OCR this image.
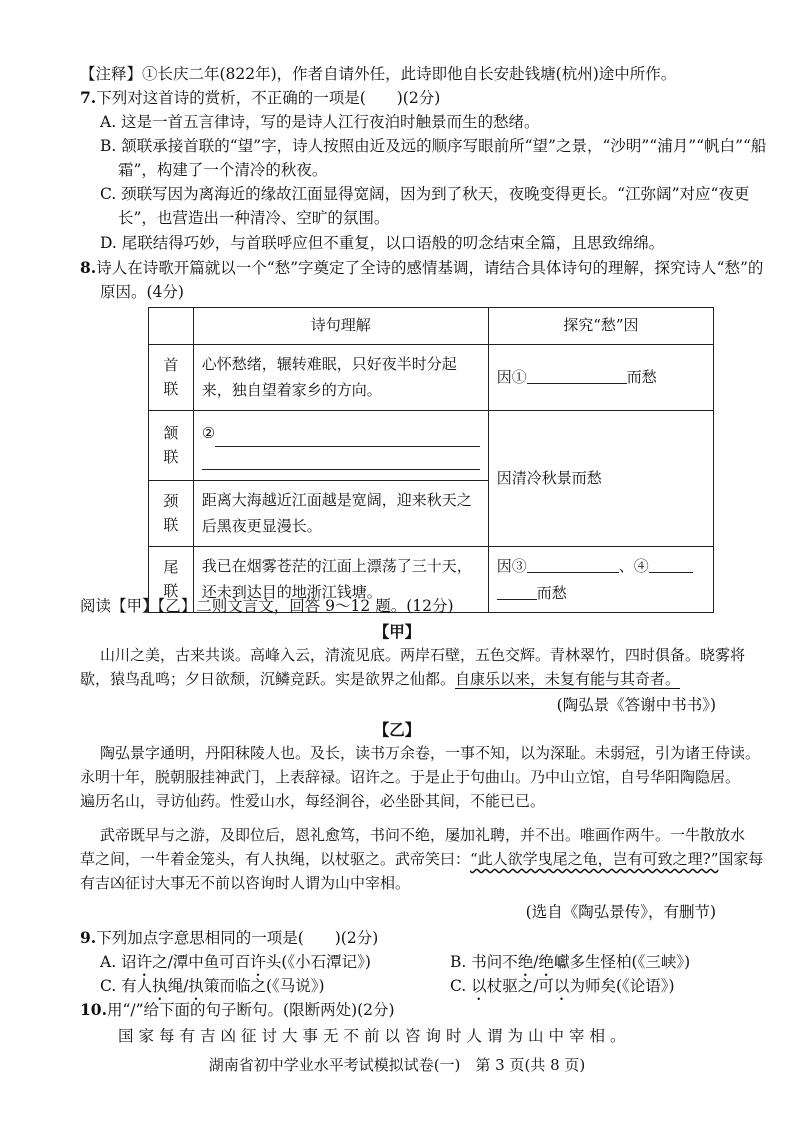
【注释】①长庆二年(822年)，作者自请外任，此诗即他自长安赴钱塘(杭州)途中所作。
7.下列对这首诗的赏析，不正确的一项是(　　)(2分)
A. 这是一首五言律诗，写的是诗人江行夜泊时触景而生的愁绪。
B. 颔联承接首联的“望”字，诗人按照由近及远的顺序写眼前所“望”之景，“沙明”“浦月”“帆白”“船
霜”，构建了一个清冷的秋夜。
C. 颈联写因为离海近的缘故江面显得宽阔，因为到了秋天，夜晚变得更长。“江弥阔”对应“夜更
长”，也营造出一种清冷、空旷的氛围。
D. 尾联结得巧妙，与首联呼应但不重复，以口语般的叨念结束全篇，且思致绵绵。
8.诗人在诗歌开篇就以一个“愁”字奠定了全诗的感情基调，请结合具体诗句的理解，探究诗人“愁”的
原因。(4分)
	诗句理解	探究“愁”因
首联	心怀愁绪，辗转难眠，只好夜半时分起来，独自望着家乡的方向。	因① 而愁
颔联	②	因清冷秋景而愁
颈联	距离大海越近江面越是宽阔，迎来秋天之后黑夜更显漫长。	
尾联	我已在烟雾苍茫的江面上漂荡了三十天，还未到达目的地浙江钱塘。	因③ 、④
而愁
阅读【甲】【乙】二则文言文，回答 9～12 题。(12分)
【甲】
山川之美，古来共谈。高峰入云，清流见底。两岸石壁，五色交辉。青林翠竹，四时俱备。晓雾将
歇，猿鸟乱鸣；夕日欲颓，沉鳞竞跃。实是欲界之仙都。自康乐以来，未复有能与其奇者。
(陶弘景《答谢中书书》)
【乙】
陶弘景字通明，丹阳秣陵人也。及长，读书万余卷，一事不知，以为深耻。未弱冠，引为诸王侍读。
永明十年，脱朝服挂神武门，上表辞禄。诏许之。于是止于句曲山。乃中山立馆，自号华阳陶隐居。
遍历名山，寻访仙药。性爱山水，每经涧谷，必坐卧其间，不能已已。
武帝既早与之游，及即位后，恩礼愈笃，书问不绝，屡加礼聘，并不出。唯画作两牛。一牛散放水
草之间，一牛着金笼头，有人执绳，以杖驱之。武帝笑曰：“此人欲学曳尾之龟，岂有可致之理?”国家每
有吉凶征讨大事无不前以咨询时人谓为山中宰相。
(选自《陶弘景传》，有删节)
9.下列加点字意思相同的一项是(　　)(2分)
A. 诏许之/潭中鱼可百许头(《小石潭记》)	B. 书问不绝/绝巘多生怪柏(《三峡》)
C. 有人执绳/执策而临之(《马说》)	C. 以杖驱之/可以为师矣(《论语》)
10.用“/”给下面的句子断句。(限断两处)(2分)
国家每有吉凶征讨大事无不前以咨询时人谓为山中宰相。
湖南省初中学业水平考试模拟试卷(一)　第 3 页(共 8 页)
